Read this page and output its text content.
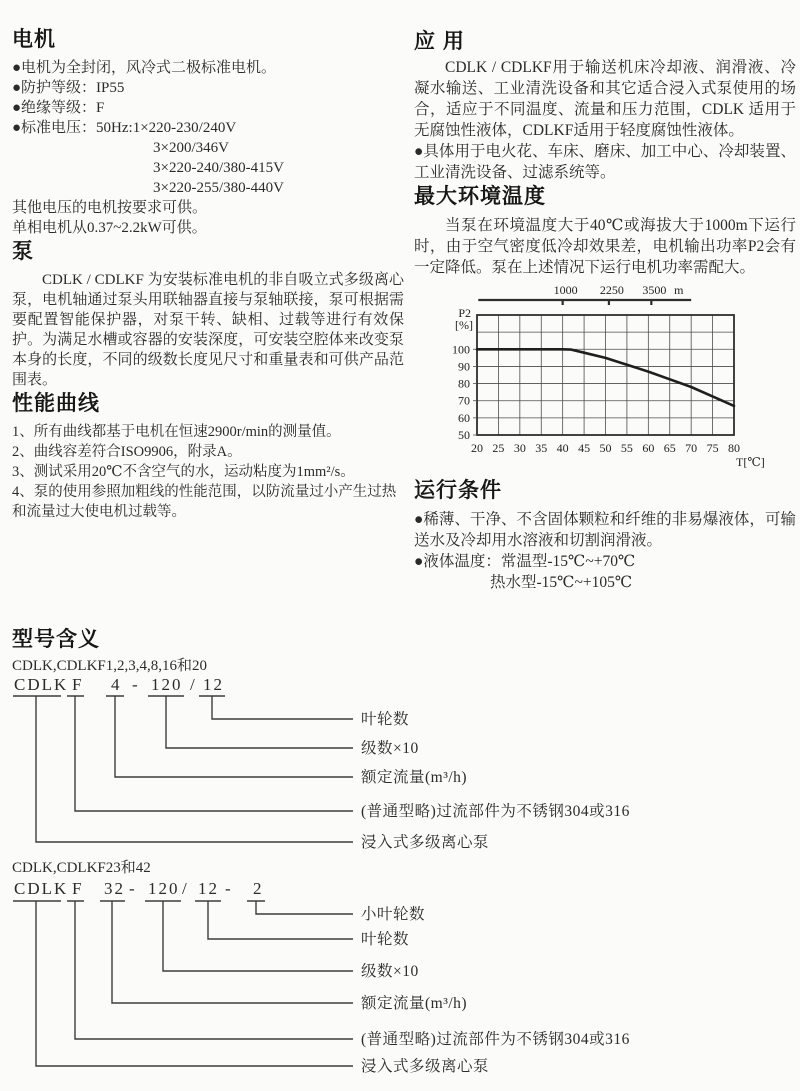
电机
●电机为全封闭，风冷式二极标准电机。
●防护等级：IP55
●绝缘等级：F
●标准电压：50Hz:1×220-230/240V
3×200/346V
3×220-240/380-415V
3×220-255/380-440V
其他电压的电机按要求可供。
单相电机从0.37~2.2kW可供。
泵

CDLK / CDLKF 为安装标准电机的非自吸立式多级离心泵，电机轴通过泵头用联轴器直接与泵轴联接，泵可根据需要配置智能保护器，对泵干转、缺相、过载等进行有效保护。为满足水槽或容器的安装深度，可安装空腔体来改变泵本身的长度，不同的级数长度见尺寸和重量表和可供产品范围表。

性能曲线
1、所有曲线都基于电机在恒速2900r/min的测量值。
2、曲线容差符合ISO9906，附录A。
3、测试采用20℃不含空气的水，运动粘度为1mm²/s。
4、泵的使用参照加粗线的性能范围，以防流量过小产生过热和流量过大使电机过载等。
应 用

CDLK / CDLKF用于输送机床冷却液、润滑液、冷凝水输送、工业清洗设备和其它适合浸入式泵使用的场合，适应于不同温度、流量和压力范围，CDLK 适用于无腐蚀性液体，CDLKF适用于轻度腐蚀性液体。

●具体用于电火花、车床、磨床、加工中心、冷却装置、工业清洗设备、过滤系统等。

最大环境温度

当泵在环境温度大于40℃或海拔大于1000m下运行时，由于空气密度低冷却效果差，电机输出功率P2会有一定降低。泵在上述情况下运行电机功率需配大。

20 25 30 35 40 45 50 55 60 65 70 75 80
T[℃]
50
60
70
80
90
100
P2
[%]
1000 2250 3500 m
运行条件
●稀薄、干净、不含固体颗粒和纤维的非易爆液体，可输送水及冷却用水溶液和切割润滑液。
●液体温度：常温型-15℃~+70℃
热水型-15℃~+105℃
型号含义
CDLK,CDLKF1,2,3,4,8,16和20
CDLK F 4 - 120 / 12
叶轮数
级数×10
额定流量(m³/h)
(普通型略)过流部件为不锈钢304或316
浸入式多级离心泵
CDLK,CDLKF23和42
CDLK F 32 - 120 / 12 - 2
小叶轮数
叶轮数
级数×10
额定流量(m³/h)
(普通型略)过流部件为不锈钢304或316
浸入式多级离心泵
